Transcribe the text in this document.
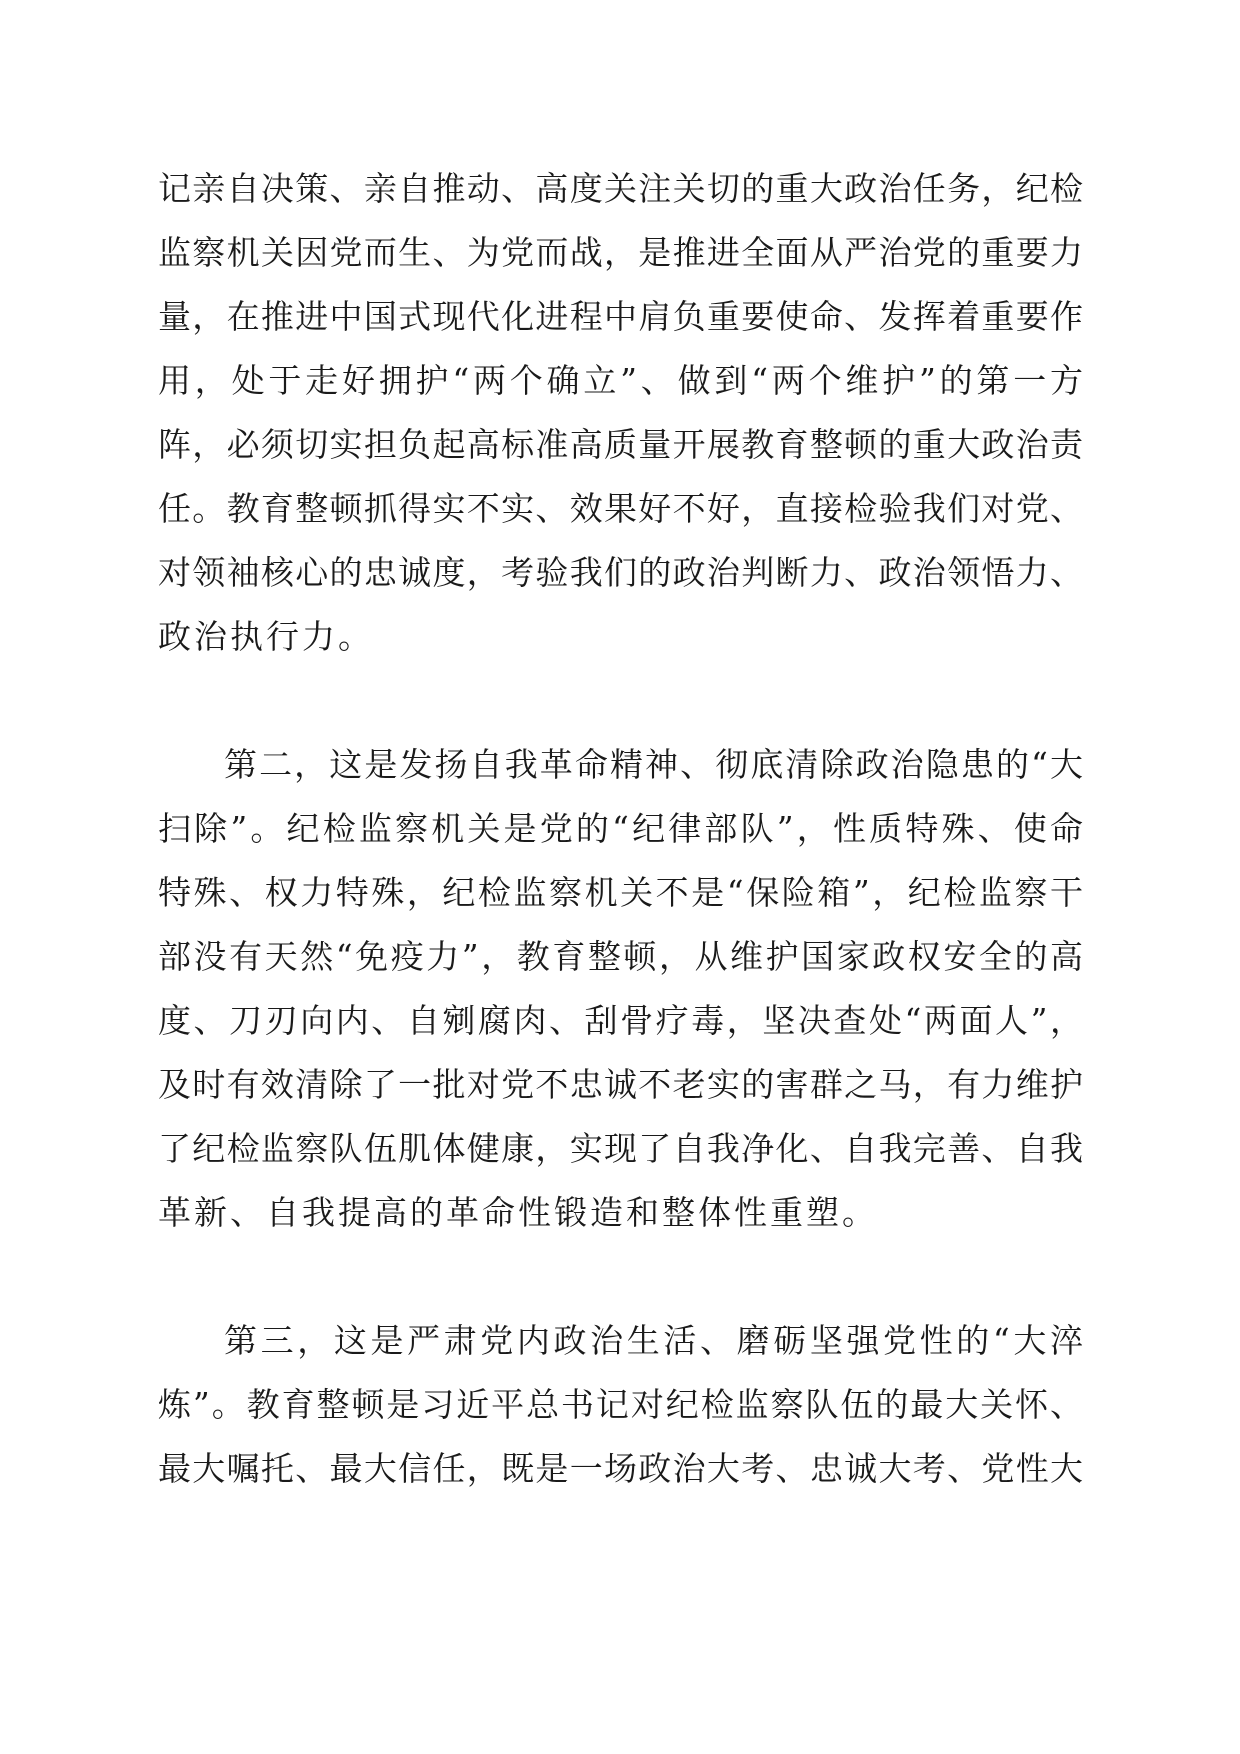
记亲自决策、亲自推动、高度关注关切的重大政治任务，纪检
监察机关因党而生、为党而战，是推进全面从严治党的重要力
量，在推进中国式现代化进程中肩负重要使命、发挥着重要作
用，处于走好拥护“两个确立”、做到“两个维护”的第一方
阵，必须切实担负起高标准高质量开展教育整顿的重大政治责
任。教育整顿抓得实不实、效果好不好，直接检验我们对党、
对领袖核心的忠诚度，考验我们的政治判断力、政治领悟力、
政治执行力。
第二，这是发扬自我革命精神、彻底清除政治隐患的“大
扫除”。纪检监察机关是党的“纪律部队”，性质特殊、使命
特殊、权力特殊，纪检监察机关不是“保险箱”，纪检监察干
部没有天然“免疫力”，教育整顿，从维护国家政权安全的高
度、刀刃向内、自剜腐肉、刮骨疗毒，坚决查处“两面人”，
及时有效清除了一批对党不忠诚不老实的害群之马，有力维护
了纪检监察队伍肌体健康，实现了自我净化、自我完善、自我
革新、自我提高的革命性锻造和整体性重塑。
第三，这是严肃党内政治生活、磨砺坚强党性的“大淬
炼”。教育整顿是习近平总书记对纪检监察队伍的最大关怀、
最大嘱托、最大信任，既是一场政治大考、忠诚大考、党性大
